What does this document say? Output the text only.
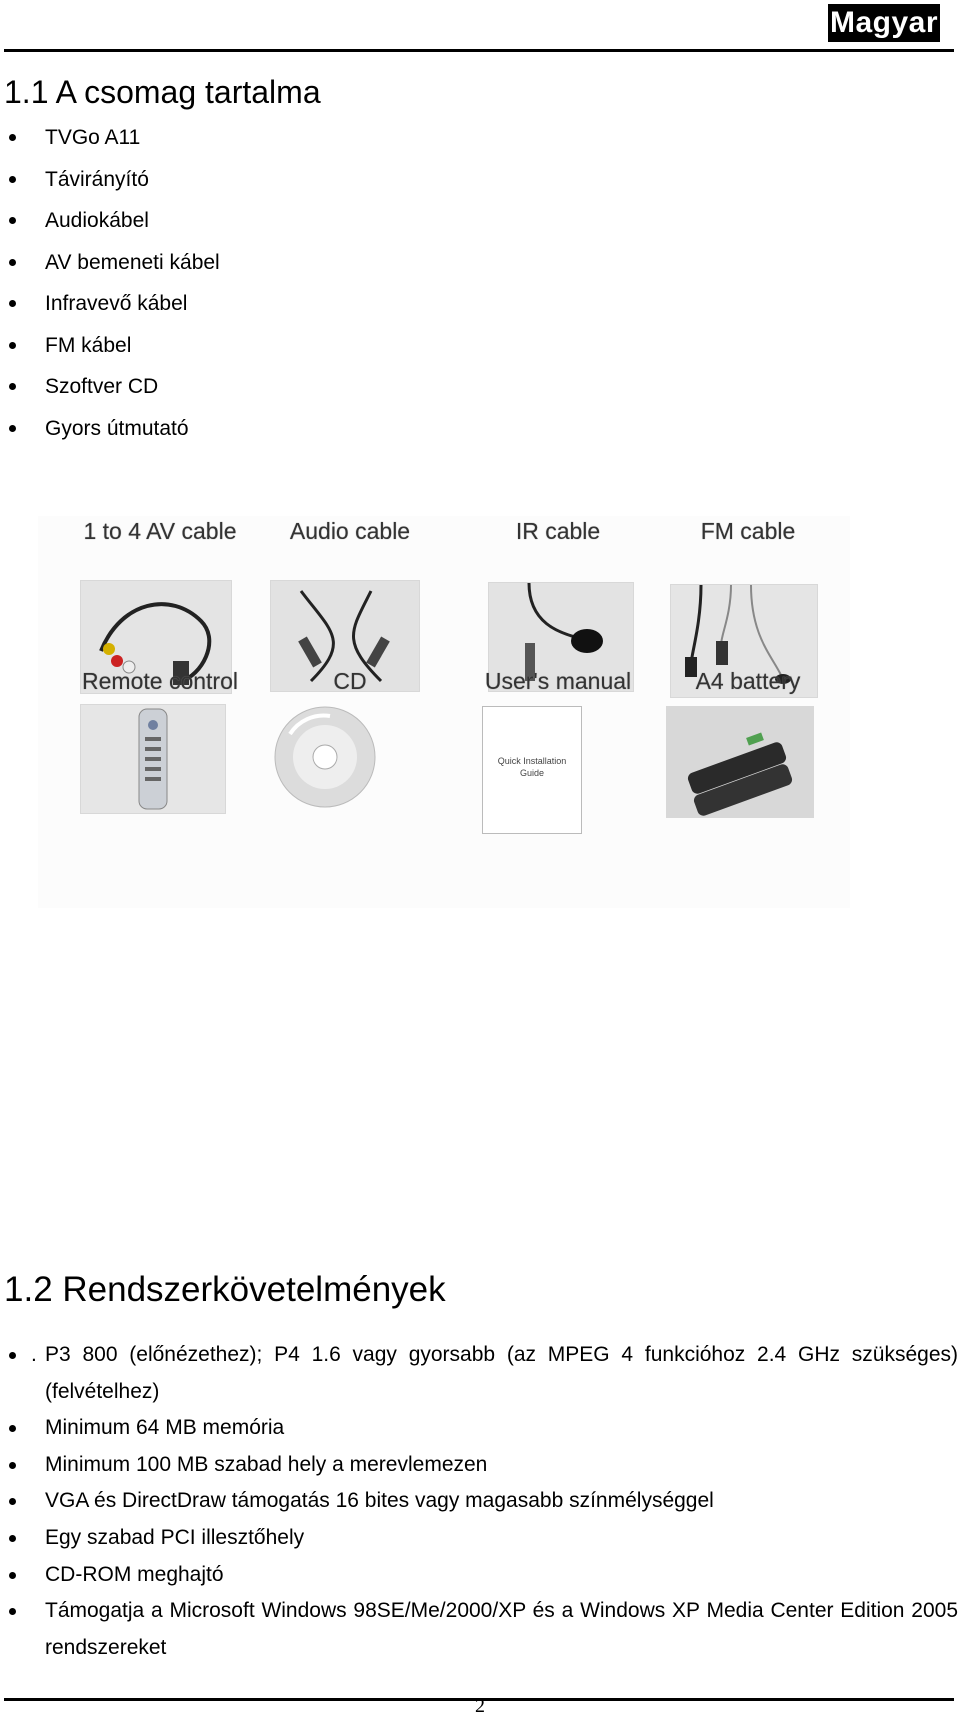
Magyar
1.1 A csomag tartalma
TVGo A11
Távirányító
Audiokábel
AV bemeneti kábel
Infravevő kábel
FM kábel
Szoftver CD
Gyors útmutató
1 to 4 AV cable	Audio cable	IR cable	FM cable
Remote control	CD	User's manual
Quick Installation Guide
A4 battery
1.2 Rendszerkövetelmények
. P3 800 (előnézethez); P4 1.6 vagy gyorsabb (az MPEG 4 funkcióhoz 2.4 GHz szükséges) (felvételhez)
Minimum 64 MB memória
Minimum 100 MB szabad hely a merevlemezen
VGA és DirectDraw támogatás 16 bites vagy magasabb színmélységgel
Egy szabad PCI illesztőhely
CD-ROM meghajtó
Támogatja a Microsoft Windows 98SE/Me/2000/XP és a Windows XP Media Center Edition 2005 rendszereket
2
